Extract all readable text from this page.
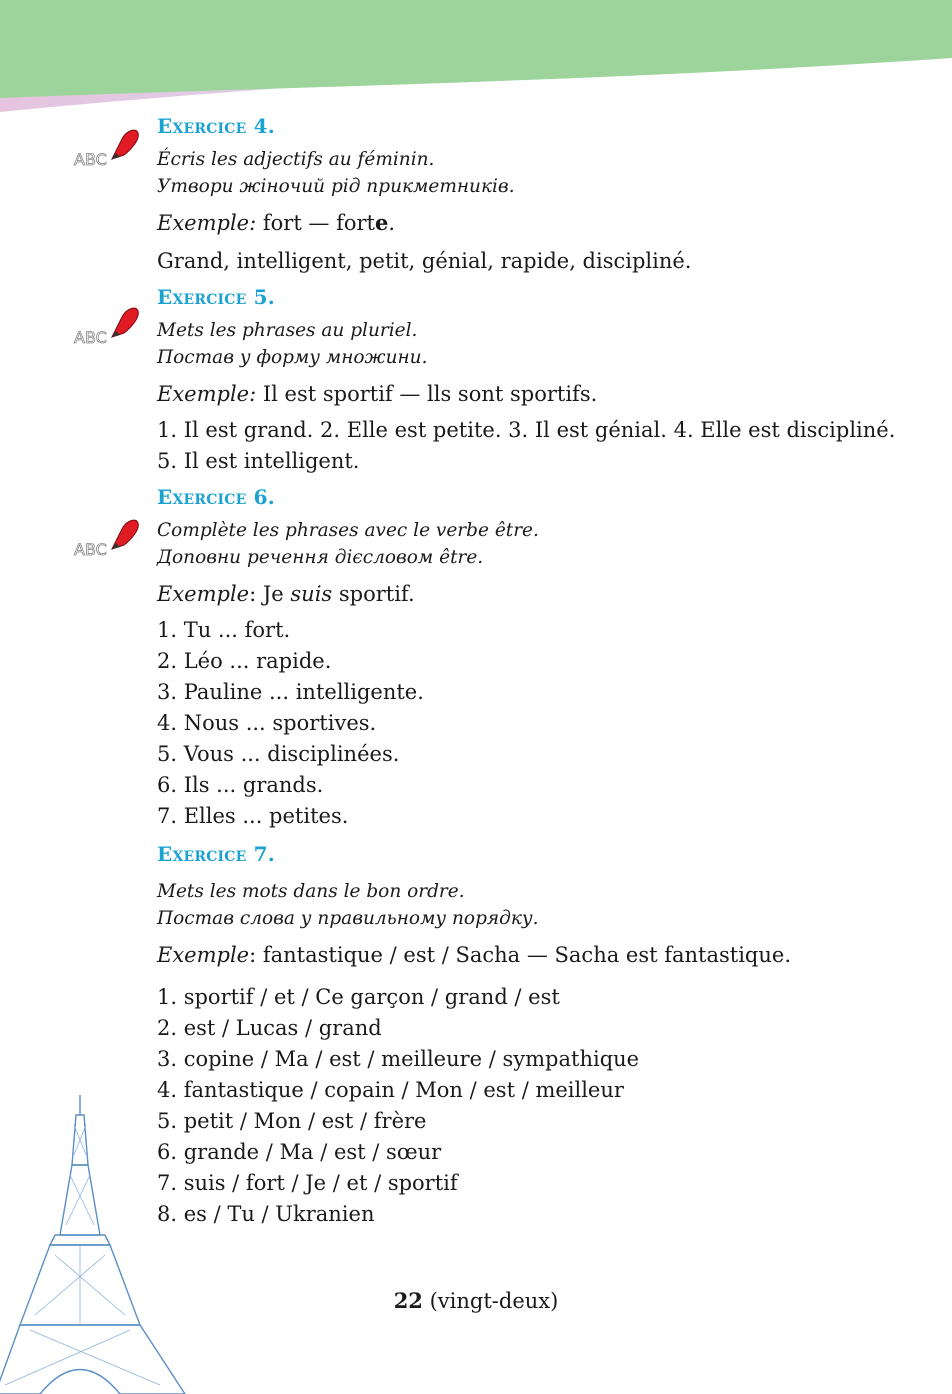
ABC
ABC
ABC

Exercice 4.

Écris les adjectifs au féminin.
Утвори жіночий рід прикметників.

Exemple: fort — forte.

Grand, intelligent, petit, génial, rapide, discipliné.

Exercice 5.

Mets les phrases au pluriel.
Постав у форму множини.

Exemple: Il est sportif — lls sont sportifs.

1. Il est grand. 2. Elle est petite. 3. Il est génial. 4. Elle est discipliné.

5. Il est intelligent.

Exercice 6.

Complète les phrases avec le verbe être.
Доповни речення дієсловом être.

Exemple: Je suis sportif.

1. Tu ... fort.

2. Léo ... rapide.

3. Pauline ... intelligente.

4. Nous ... sportives.

5. Vous ... disciplinées.

6. Ils ... grands.

7. Elles ... petites.

Exercice 7.

Mets les mots dans le bon ordre.
Постав слова у правильному порядку.

Exemple: fantastique / est / Sacha — Sacha est fantastique.

1. sportif / et / Ce garçon / grand / est

2. est / Lucas / grand

3. copine / Ma / est / meilleure / sympathique

4. fantastique / copain / Mon / est / meilleur

5. petit / Mon / est / frère

6. grande / Ma / est / sœur

7. suis / fort / Je / et / sportif

8. es / Tu / Ukranien

22 (vingt-deux)
